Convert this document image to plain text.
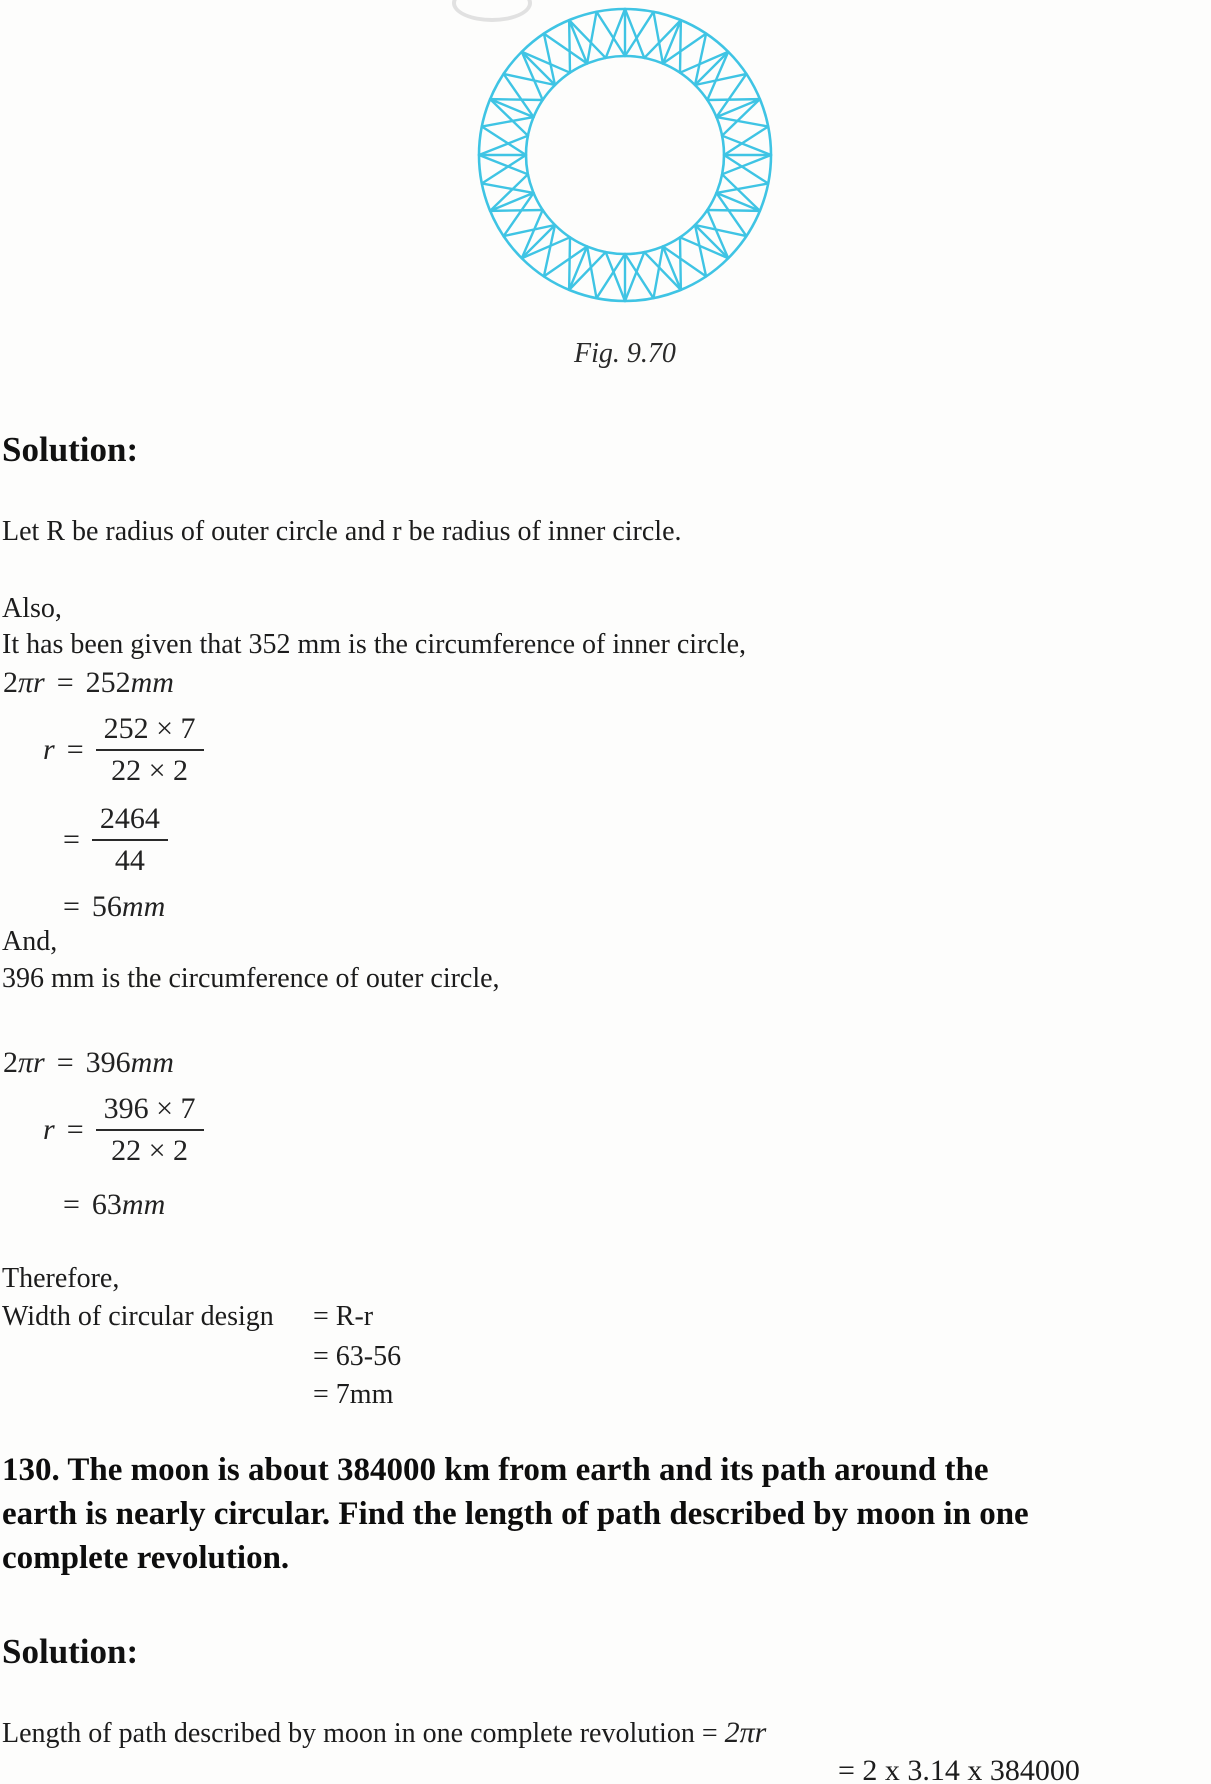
Fig. 9.70
Solution:
Let R be radius of outer circle and r be radius of inner circle.
Also,
It has been given that 352 mm is the circumference of inner circle,
2 πr = 252 mm
$r = \frac{252 \times 7}{22 \times 2}$
= $\frac{2464}{44}$
= 56 mm
And,
396 mm is the circumference of outer circle,
2 πr = 396 mm
$r = \frac{396 \times 7}{22 \times 2}$
= 63 mm
Therefore,
Width of circular design = R-r
= 63-56
= 7mm
130. The moon is about 384000 km from earth and its path around the
earth is nearly circular. Find the length of path described by moon in one
complete revolution.
Solution:
Length of path described by moon in one complete revolution = 2πr
= 2 x 3.14 x 384000
